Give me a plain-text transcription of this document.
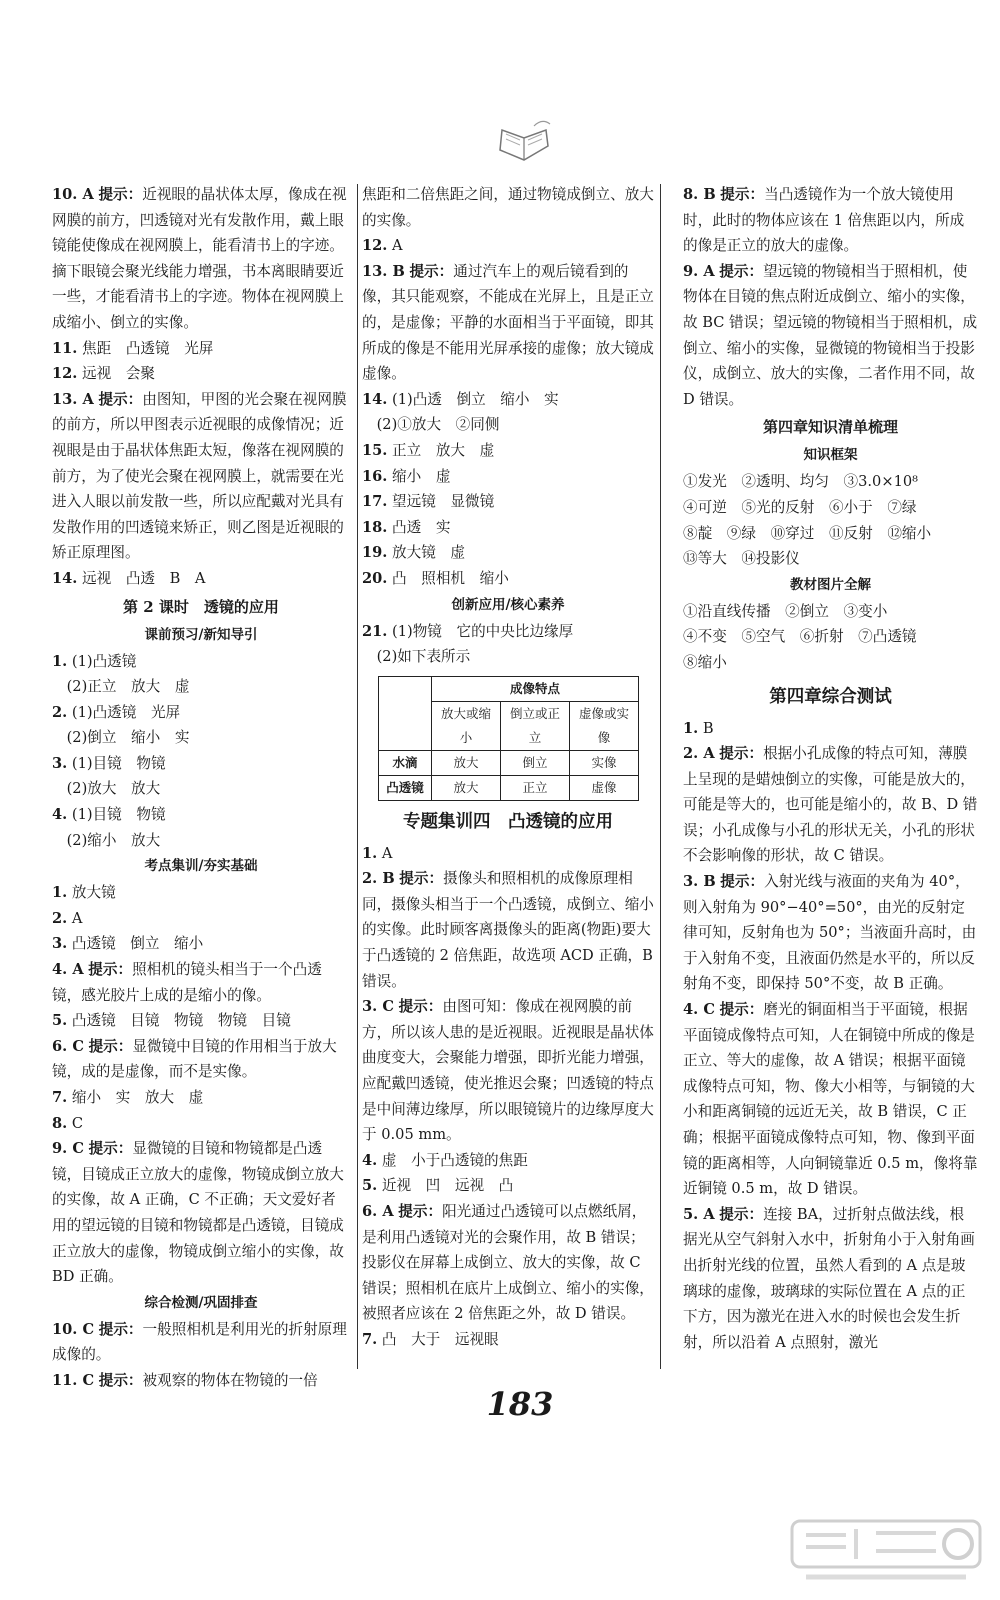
10. A 提示：近视眼的晶状体太厚，像成在视网膜的前方，凹透镜对光有发散作用，戴上眼镜能使像成在视网膜上，能看清书上的字迹。摘下眼镜会聚光线能力增强，书本离眼睛要近一些，才能看清书上的字迹。物体在视网膜上成缩小、倒立的实像。
11. 焦距　凸透镜　光屏
12. 远视　会聚
13. A 提示：由图知，甲图的光会聚在视网膜的前方，所以甲图表示近视眼的成像情况；近视眼是由于晶状体焦距太短，像落在视网膜的前方，为了使光会聚在视网膜上，就需要在光进入人眼以前发散一些，所以应配戴对光具有发散作用的凹透镜来矫正，则乙图是近视眼的矫正原理图。
14. 远视　凸透　B　A
第 2 课时　透镜的应用
课前预习/新知导引
1. (1)凸透镜
　(2)正立　放大　虚
2. (1)凸透镜　光屏
　(2)倒立　缩小　实
3. (1)目镜　物镜
　(2)放大　放大
4. (1)目镜　物镜
　(2)缩小　放大
考点集训/夯实基础
1. 放大镜
2. A
3. 凸透镜　倒立　缩小
4. A 提示：照相机的镜头相当于一个凸透镜，感光胶片上成的是缩小的像。
5. 凸透镜　目镜　物镜　物镜　目镜
6. C 提示：显微镜中目镜的作用相当于放大镜，成的是虚像，而不是实像。
7. 缩小　实　放大　虚
8. C
9. C 提示：显微镜的目镜和物镜都是凸透镜，目镜成正立放大的虚像，物镜成倒立放大的实像，故 A 正确，C 不正确；天文爱好者用的望远镜的目镜和物镜都是凸透镜，目镜成正立放大的虚像，物镜成倒立缩小的实像，故 BD 正确。
综合检测/巩固排查
10. C 提示：一般照相机是利用光的折射原理成像的。
11. C 提示：被观察的物体在物镜的一倍
焦距和二倍焦距之间，通过物镜成倒立、放大的实像。
12. A
13. B 提示：通过汽车上的观后镜看到的像，其只能观察，不能成在光屏上，且是正立的，是虚像；平静的水面相当于平面镜，即其所成的像是不能用光屏承接的虚像；放大镜成虚像。
14. (1)凸透　倒立　缩小　实
　(2)①放大　②同侧
15. 正立　放大　虚
16. 缩小　虚
17. 望远镜　显微镜
18. 凸透　实
19. 放大镜　虚
20. 凸　照相机　缩小
创新应用/核心素养
21. (1)物镜　它的中央比边缘厚
　(2)如下表所示
	成像特点		
	放大或缩小	倒立或正立	虚像或实像
水滴	放大	倒立	实像
凸透镜	放大	正立	虚像
专题集训四　凸透镜的应用
1. A
2. B 提示：摄像头和照相机的成像原理相同，摄像头相当于一个凸透镜，成倒立、缩小的实像。此时顾客离摄像头的距离(物距)要大于凸透镜的 2 倍焦距，故选项 ACD 正确，B 错误。
3. C 提示：由图可知：像成在视网膜的前方，所以该人患的是近视眼。近视眼是晶状体曲度变大，会聚能力增强，即折光能力增强，应配戴凹透镜，使光推迟会聚；凹透镜的特点是中间薄边缘厚，所以眼镜镜片的边缘厚度大于 0.05 mm。
4. 虚　小于凸透镜的焦距
5. 近视　凹　远视　凸
6. A 提示：阳光通过凸透镜可以点燃纸屑，是利用凸透镜对光的会聚作用，故 B 错误；投影仪在屏幕上成倒立、放大的实像，故 C 错误；照相机在底片上成倒立、缩小的实像，被照者应该在 2 倍焦距之外，故 D 错误。
7. 凸　大于　远视眼
8. B 提示：当凸透镜作为一个放大镜使用时，此时的物体应该在 1 倍焦距以内，所成的像是正立的放大的虚像。
9. A 提示：望远镜的物镜相当于照相机，使物体在目镜的焦点附近成倒立、缩小的实像，故 BC 错误；望远镜的物镜相当于照相机，成倒立、缩小的实像，显微镜的物镜相当于投影仪，成倒立、放大的实像，二者作用不同，故 D 错误。
第四章知识清单梳理
知识框架
①发光　②透明、均匀　③3.0×10⁸
④可逆　⑤光的反射　⑥小于　⑦绿
⑧靛　⑨绿　⑩穿过　⑪反射　⑫缩小
⑬等大　⑭投影仪
教材图片全解
①沿直线传播　②倒立　③变小
④不变　⑤空气　⑥折射　⑦凸透镜
⑧缩小
第四章综合测试
1. B
2. A 提示：根据小孔成像的特点可知，薄膜上呈现的是蜡烛倒立的实像，可能是放大的，可能是等大的，也可能是缩小的，故 B、D 错误；小孔成像与小孔的形状无关，小孔的形状不会影响像的形状，故 C 错误。
3. B 提示：入射光线与液面的夹角为 40°，则入射角为 90°−40°=50°，由光的反射定律可知，反射角也为 50°；当液面升高时，由于入射角不变，且液面仍然是水平的，所以反射角不变，即保持 50°不变，故 B 正确。
4. C 提示：磨光的铜面相当于平面镜，根据平面镜成像特点可知，人在铜镜中所成的像是正立、等大的虚像，故 A 错误；根据平面镜成像特点可知，物、像大小相等，与铜镜的大小和距离铜镜的远近无关，故 B 错误，C 正确；根据平面镜成像特点可知，物、像到平面镜的距离相等，人向铜镜靠近 0.5 m，像将靠近铜镜 0.5 m，故 D 错误。
5. A 提示：连接 BA，过折射点做法线，根据光从空气斜射入水中，折射角小于入射角画出折射光线的位置，虽然人看到的 A 点是玻璃球的虚像，玻璃球的实际位置在 A 点的正下方，因为激光在进入水的时候也会发生折射，所以沿着 A 点照射，激光
183
